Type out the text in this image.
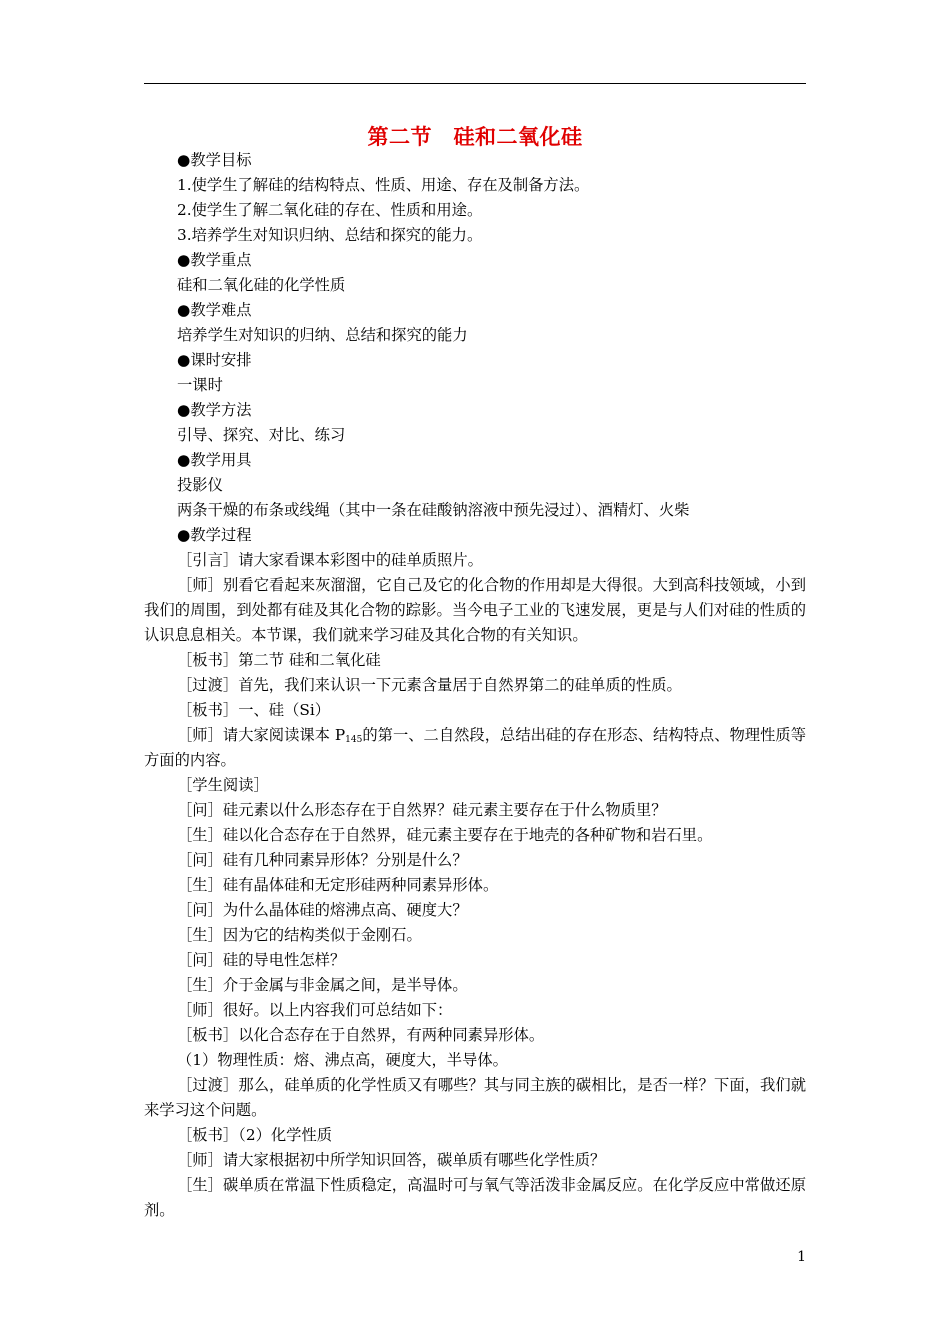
第二节　硅和二氧化硅

●教学目标

1.使学生了解硅的结构特点、性质、用途、存在及制备方法。

2.使学生了解二氧化硅的存在、性质和用途。

3.培养学生对知识归纳、总结和探究的能力。

●教学重点

硅和二氧化硅的化学性质

●教学难点

培养学生对知识的归纳、总结和探究的能力

●课时安排

一课时

●教学方法

引导、探究、对比、练习

●教学用具

投影仪

两条干燥的布条或线绳（其中一条在硅酸钠溶液中预先浸过）、酒精灯、火柴

●教学过程

［引言］请大家看课本彩图中的硅单质照片。

［师］别看它看起来灰溜溜，它自己及它的化合物的作用却是大得很。大到高科技领域，小到我们的周围，到处都有硅及其化合物的踪影。当今电子工业的飞速发展，更是与人们对硅的性质的认识息息相关。本节课，我们就来学习硅及其化合物的有关知识。

［板书］第二节 硅和二氧化硅

［过渡］首先，我们来认识一下元素含量居于自然界第二的硅单质的性质。

［板书］一、硅（Si）

［师］请大家阅读课本 $P_{145}$的第一、二自然段，总结出硅的存在形态、结构特点、物理性质等方面的内容。

［学生阅读］

［问］硅元素以什么形态存在于自然界？硅元素主要存在于什么物质里？

［生］硅以化合态存在于自然界，硅元素主要存在于地壳的各种矿物和岩石里。

［问］硅有几种同素异形体？分别是什么？

［生］硅有晶体硅和无定形硅两种同素异形体。

［问］为什么晶体硅的熔沸点高、硬度大？

［生］因为它的结构类似于金刚石。

［问］硅的导电性怎样？

［生］介于金属与非金属之间，是半导体。

［师］很好。以上内容我们可总结如下：

［板书］以化合态存在于自然界，有两种同素异形体。

（1）物理性质：熔、沸点高，硬度大，半导体。

［过渡］那么，硅单质的化学性质又有哪些？其与同主族的碳相比，是否一样？下面，我们就来学习这个问题。

［板书］（2）化学性质

［师］请大家根据初中所学知识回答，碳单质有哪些化学性质？

［生］碳单质在常温下性质稳定，高温时可与氧气等活泼非金属反应。在化学反应中常做还原剂。

1
